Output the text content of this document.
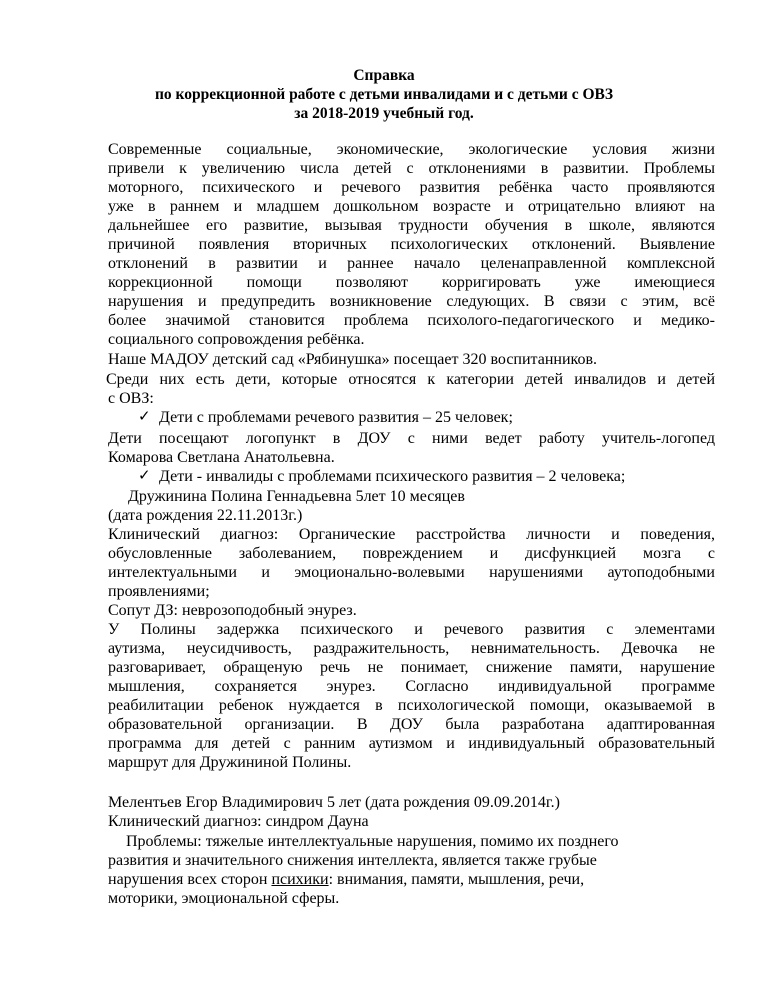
Справка
по коррекционной работе с детьми инвалидами и с детьми с ОВЗ
за 2018-2019 учебный год.
Современные социальные, экономические, экологические условия жизни
привели к увеличению числа детей с отклонениями в развитии. Проблемы
моторного, психического и речевого развития ребёнка часто проявляются
уже в раннем и младшем дошкольном возрасте и отрицательно влияют на
дальнейшее его развитие, вызывая трудности обучения в школе, являются
причиной появления вторичных психологических отклонений. Выявление
отклонений в развитии и раннее начало целенаправленной комплексной
коррекционной помощи позволяют корригировать уже имеющиеся
нарушения и предупредить возникновение следующих. В связи с этим, всё
более значимой становится проблема психолого-педагогического и медико-
социального сопровождения ребёнка.
Наше МАДОУ детский сад «Рябинушка» посещает 320 воспитанников.
Среди них есть дети, которые относятся к категории детей инвалидов и детей
с ОВЗ:
✓ Дети с проблемами речевого развития – 25 человек;
Дети посещают логопункт в ДОУ с ними ведет работу учитель-логопед
Комарова Светлана Анатольевна.
✓ Дети - инвалиды с проблемами психического развития – 2 человека;
Дружинина Полина Геннадьевна 5лет 10 месяцев
(дата рождения 22.11.2013г.)
Клинический диагноз: Органические расстройства личности и поведения,
обусловленные заболеванием, повреждением и дисфункцией мозга с
интелектуальными и эмоционально-волевыми нарушениями аутоподобными
проявлениями;
Сопут ДЗ: неврозоподобный энурез.
У Полины задержка психического и речевого развития с элементами
аутизма, неусидчивость, раздражительность, невнимательность. Девочка не
разговаривает, обращеную речь не понимает, снижение памяти, нарушение
мышления, сохраняется энурез. Согласно индивидуальной программе
реабилитации ребенок нуждается в психологической помощи, оказываемой в
образовательной организации. В ДОУ была разработана адаптированная
программа для детей с ранним аутизмом и индивидуальный образовательный
маршрут для Дружининой Полины.
Мелентьев Егор Владимирович 5 лет (дата рождения 09.09.2014г.)
Клинический диагноз: синдром Дауна
Проблемы: тяжелые интеллектуальные нарушения, помимо их позднего
развития и значительного снижения интеллекта, является также грубые
нарушения всех сторон психики: внимания, памяти, мышления, речи,
моторики, эмоциональной сферы.
